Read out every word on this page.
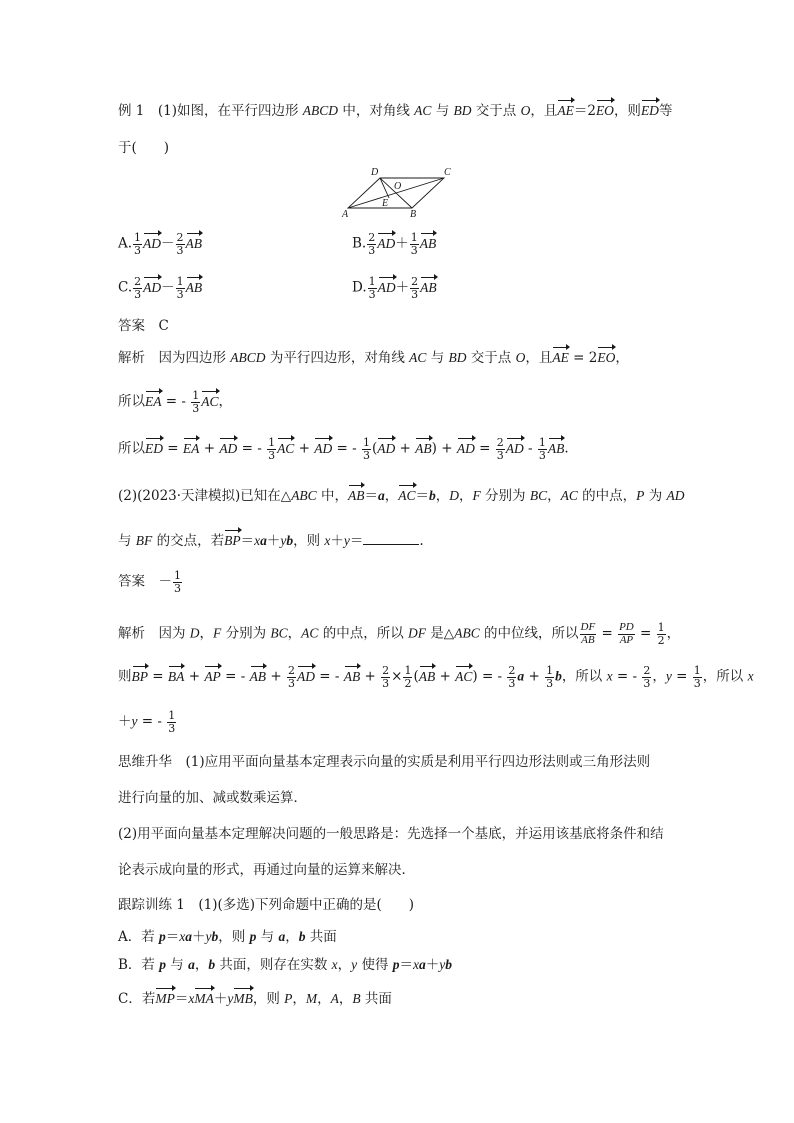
例 1　(1)如图，在平行四边形 ABCD 中，对角线 AC 与 BD 交于点 O，且AE＝2EO，则ED等
于(　　)
D	C
O
A
E
B
A. $\frac{1}{3} AD- \frac{2}{3}$ AB	B. $\frac{2}{3} AD+ \frac{1}{3}$ AB
C. $\frac{2}{3} AD- \frac{1}{3}$ AB	D. $\frac{1}{3} AD+ \frac{2}{3}$ AB
答案　 C
解析　 因为四边形 ABCD 为平行四边形，对角线 AC 与 BD 交于点 O，且AE = 2EO，
所以EA = - $\frac{1}{3}$ AC，
所以ED = EA + AD = - $\frac{1}{3}$ AC + AD = - $\frac{1}{3} (AD + AB)$ + AD = $\frac{2}{3}$ AD - $\frac{1}{3}$ AB.
(2)(2023·天津模拟)已知在△ABC 中，AB＝a，AC＝b，D，F 分别为 BC，AC 的中点，P 为 AD
与 BF 的交点，若BP＝xa＋yb，则 x＋y＝	.
答案　 － $\frac{1}{3}$
解析　 因为 D，F 分别为 BC，AC 的中点，所以 DF 是△ABC 的中位线，所以 $\frac{DF}{AB} = \frac{PD}{AP} = \frac{1}{2}$ ，
则BP = BA + AP = - AB + $\frac{2}{3}$ AD = - AB + $\frac{2}{3} \times \frac{1}{2} (AB + AC)$ = - $\frac{2}{3}$ $a + \frac{1}{3}$ b，所以 x = - $\frac{2}{3}$ ，$y = \frac{1}{3}$ ，所以 x
＋y = - $\frac{1}{3}$
思维升华　(1)应用平面向量基本定理表示向量的实质是利用平行四边形法则或三角形法则
进行向量的加、减或数乘运算．
(2)用平面向量基本定理解决问题的一般思路是：先选择一个基底，并运用该基底将条件和结
论表示成向量的形式，再通过向量的运算来解决．
跟踪训练 1　(1)(多选)下列命题中正确的是(　　)
A．若 p＝xa＋yb，则 p 与 a，b 共面
B．若 p 与 a，b 共面，则存在实数 x，y 使得 p＝xa＋yb
C．若MP＝xMA＋yMB，则 P，M，A，B 共面
